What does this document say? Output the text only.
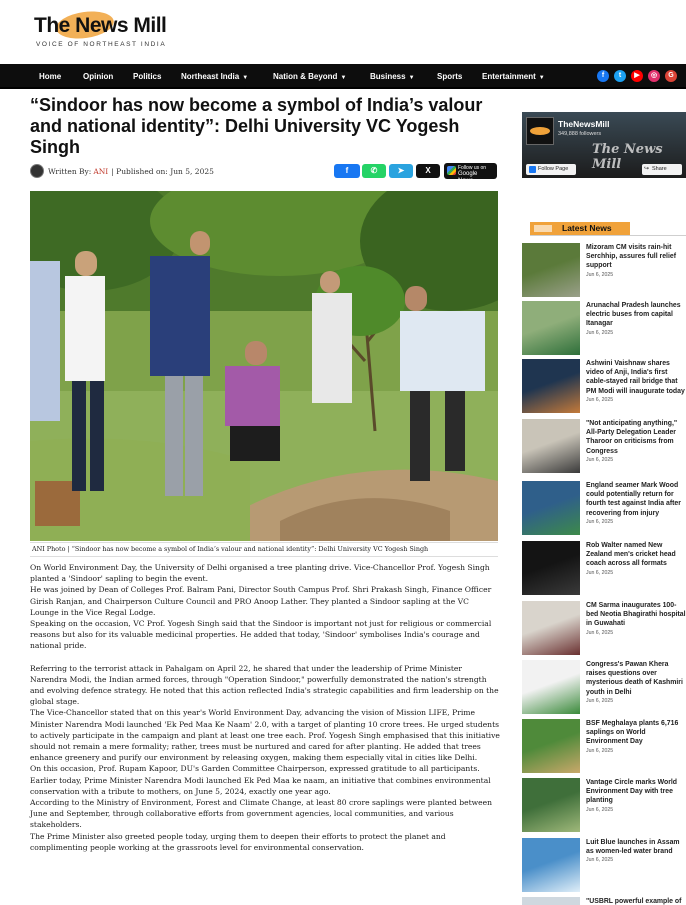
The News Mill
VOICE OF NORTHEAST INDIA
Home	Opinion Politics Northeast India ▼	Nation & Beyond ▼	Business ▼	Sports Entertainment ▼	f	t	▶	◎	G
“Sindoor has now become a symbol of India’s valour and national identity”: Delhi University VC Yogesh Singh
Written By: ANI | Published on: Jun 5, 2025	f	✆	➤	X	Follow us on
Google News
ANI Photo | “Sindoor has now become a symbol of India’s valour and national identity”: Delhi University VC Yogesh Singh

On World Environment Day, the University of Delhi organised a tree planting drive. Vice-Chancellor Prof. Yogesh Singh planted a 'Sindoor' sapling to begin the event.

He was joined by Dean of Colleges Prof. Balram Pani, Director South Campus Prof. Shri Prakash Singh, Finance Officer Girish Ranjan, and Chairperson Culture Council and PRO Anoop Lather. They planted a Sindoor sapling at the VC Lounge in the Vice Regal Lodge.

Speaking on the occasion, VC Prof. Yogesh Singh said that the Sindoor is important not just for religious or commercial reasons but also for its valuable medicinal properties. He added that today, 'Sindoor' symbolises India's courage and national pride.

Referring to the terrorist attack in Pahalgam on April 22, he shared that under the leadership of Prime Minister Narendra Modi, the Indian armed forces, through "Operation Sindoor," powerfully demonstrated the nation's strength and evolving defence strategy. He noted that this action reflected India's strategic capabilities and firm leadership on the global stage.

The Vice-Chancellor stated that on this year's World Environment Day, advancing the vision of Mission LIFE, Prime Minister Narendra Modi launched 'Ek Ped Maa Ke Naam' 2.0, with a target of planting 10 crore trees. He urged students to actively participate in the campaign and plant at least one tree each. Prof. Yogesh Singh emphasised that this initiative should not remain a mere formality; rather, trees must be nurtured and cared for after planting. He added that trees enhance greenery and purify our environment by releasing oxygen, making them especially vital in cities like Delhi.

On this occasion, Prof. Rupam Kapoor, DU's Garden Committee Chairperson, expressed gratitude to all participants.

Earlier today, Prime Minister Narendra Modi launched Ek Ped Maa ke naam, an initiative that combines environmental conservation with a tribute to mothers, on June 5, 2024, exactly one year ago.

According to the Ministry of Environment, Forest and Climate Change, at least 80 crore saplings were planted between June and September, through collaborative efforts from government agencies, local communities, and various stakeholders.

The Prime Minister also greeted people today, urging them to deepen their efforts to protect the planet and complimenting people working at the grassroots level for environmental conservation.

TheNewsMill
349,888 followers
The News Mill
Follow Page	↪ Share
Latest News
Mizoram CM visits rain-hit Serchhip, assures full relief support
Jun 6, 2025
Arunachal Pradesh launches electric buses from capital Itanagar
Jun 6, 2025
Ashwini Vaishnaw shares video of Anji, India's first cable-stayed rail bridge that PM Modi will inaugurate today
Jun 6, 2025
"Not anticipating anything," All-Party Delegation Leader Tharoor on criticisms from Congress
Jun 6, 2025
England seamer Mark Wood could potentially return for fourth test against India after recovering from injury
Jun 6, 2025
Rob Walter named New Zealand men's cricket head coach across all formats
Jun 6, 2025
CM Sarma inaugurates 100-bed Neotia Bhagirathi hospital in Guwahati
Jun 6, 2025
Congress's Pawan Khera raises questions over mysterious death of Kashmiri youth in Delhi
Jun 6, 2025
BSF Meghalaya plants 6,716 saplings on World Environment Day
Jun 6, 2025
Vantage Circle marks World Environment Day with tree planting
Jun 6, 2025
Luit Blue launches in Assam as women-led water brand
Jun 6, 2025
"USBRL powerful example of
